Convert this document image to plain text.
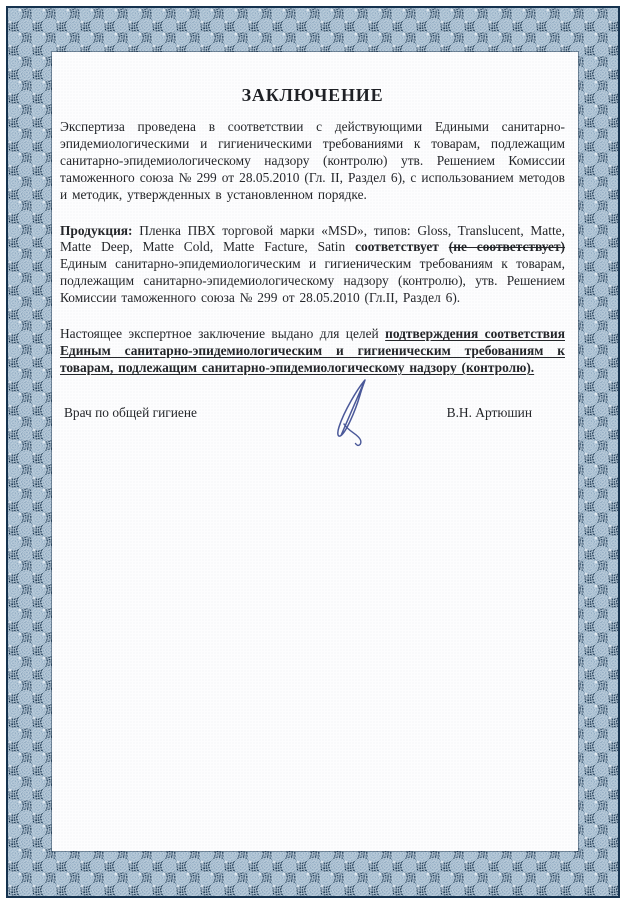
ЗАКЛЮЧЕНИЕ

Экспертиза проведена в соответствии с действующими Едиными санитарно-эпидемиологическими и гигиеническими требованиями к товарам, подлежащим санитарно-эпидемиологическому надзору (контролю) утв. Решением Комиссии таможенного союза № 299 от 28.05.2010 (Гл. II, Раздел 6), с использованием методов и методик, утвержденных в установленном порядке.

Продукция: Пленка ПВХ торговой марки «MSD», типов: Gloss, Translucent, Matte, Matte Deep, Matte Cold, Matte Facture, Satin соответствует (не соответствует) Единым санитарно-эпидемиологическим и гигиеническим требованиям к товарам, подлежащим санитарно-эпидемиологическому надзору (контролю), утв. Решением Комиссии таможенного союза № 299 от 28.05.2010 (Гл.II, Раздел 6).

Настоящее экспертное заключение выдано для целей подтверждения соответствия Единым санитарно-эпидемиологическим и гигиеническим требованиям к товарам, подлежащим санитарно-эпидемиологическому надзору (контролю).

Врач по общей гигиене	В.Н. Артюшин
